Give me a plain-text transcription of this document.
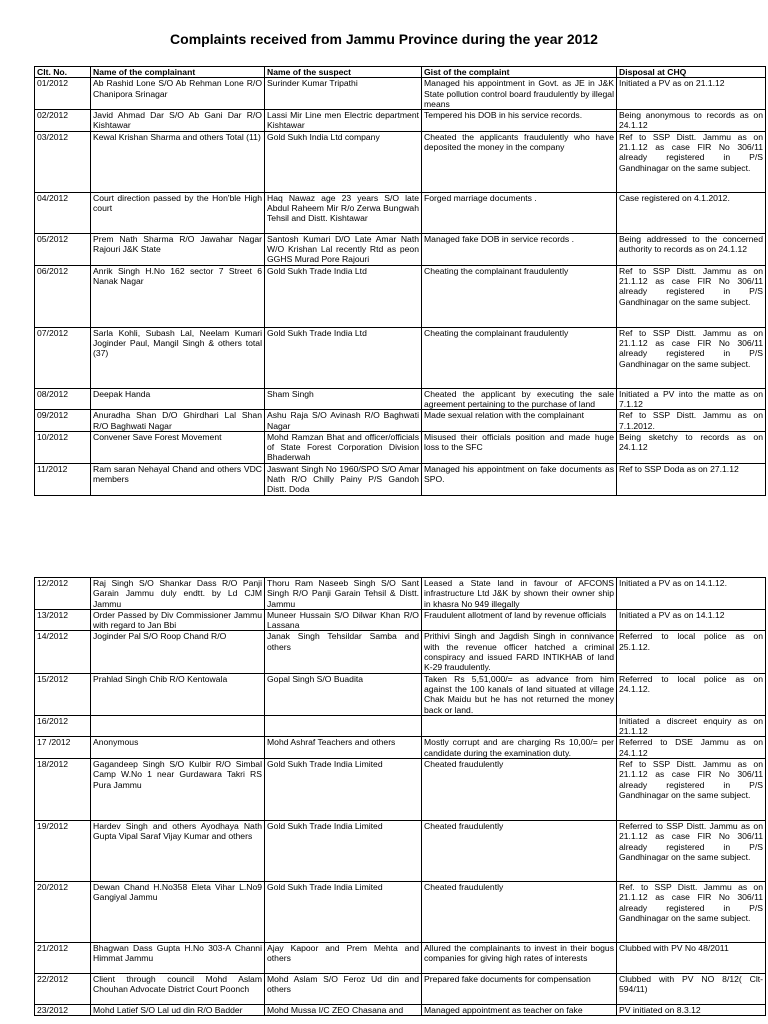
Complaints received from Jammu Province during the year 2012
Clt. No.	Name of the complainant	Name of the suspect	Gist of the complaint	Disposal at CHQ
01/2012	Ab Rashid Lone S/O Ab Rehman Lone R/O Chanipora Srinagar	Surinder Kumar Tripathi	Managed his appointment in Govt. as JE in J&K State pollution control board fraudulently by illegal means	Initiated a PV as on 21.1.12
02/2012	Javid Ahmad Dar S/O Ab Gani Dar R/O Kishtawar	Lassi Mir Line men Electric department Kishtawar	Tempered his DOB in his service records.	Being anonymous to records as on 24.1.12
03/2012	Kewal Krishan Sharma and others Total (11)	Gold Sukh India Ltd company	Cheated the applicants fraudulently who have deposited the money in the company	Ref to SSP Distt. Jammu as on 21.1.12 as case FIR No 306/11 already registered in P/S Gandhinagar on the same subject.
04/2012	Court direction passed by the Hon'ble High court	Haq Nawaz age 23 years S/O late Abdul Raheem Mir R/o Zerwa Bungwah Tehsil and Distt. Kishtawar	Forged marriage documents .	Case registered on 4.1.2012.
05/2012	Prem Nath Sharma R/O Jawahar Nagar Rajouri J&K State	Santosh Kumari D/O Late Amar Nath W/O Krishan Lal recently Rtd as peon GGHS Murad Pore Rajouri	Managed fake DOB in service records .	Being addressed to the concerned authority to records as on 24.1.12
06/2012	Anrik Singh H.No 162 sector 7 Street 6 Nanak Nagar	Gold Sukh Trade India Ltd	Cheating the complainant fraudulently	Ref to SSP Distt. Jammu as on 21.1.12 as case FIR No 306/11 already registered in P/S Gandhinagar on the same subject.
07/2012	Sarla Kohli, Subash Lal, Neelam Kumari Joginder Paul, Mangil Singh & others total (37)	Gold Sukh Trade India Ltd	Cheating the complainant fraudulently	Ref to SSP Distt. Jammu as on 21.1.12 as case FIR No 306/11 already registered in P/S Gandhinagar on the same subject.
08/2012	Deepak Handa	Sham Singh	Cheated the applicant by executing the sale agreement pertaining to the purchase of land	Initiated a PV into the matte as on 7.1.12
09/2012	Anuradha Shan D/O Ghirdhari Lal Shan R/O Baghwati Nagar	Ashu Raja S/O Avinash R/O Baghwati Nagar	Made sexual relation with the complainant	Ref to SSP Distt. Jammu as on 7.1.2012.
10/2012	Convener Save Forest Movement	Mohd Ramzan Bhat and officer/officials of State Forest Corporation Division Bhaderwah	Misused their officials position and made huge loss to the SFC	Being sketchy to records as on 24.1.12
11/2012	Ram saran Nehayal Chand and others VDC members	Jaswant Singh No 1960/SPO S/O Amar Nath R/O Chilly Painy P/S Gandoh Distt. Doda	Managed his appointment on fake documents as SPO.	Ref to SSP Doda as on 27.1.12
12/2012	Raj Singh S/O Shankar Dass R/O Panji Garain Jammu duly endtt. by Ld CJM Jammu	Thoru Ram Naseeb Singh S/O Sant Singh R/O Panji Garain Tehsil & Distt. Jammu	Leased a State land in favour of AFCONS infrastructure Ltd J&K by shown their owner ship in khasra No 949 illegally	Initiated a PV as on 14.1.12.
13/2012	Order Passed by Div Commissioner Jammu with regard to Jan Bbi	Muneer Hussain S/O Dilwar Khan R/O Lassana	Fraudulent allotment of land by revenue officials	Initiated a PV as on 14.1.12
14/2012	Joginder Pal S/O Roop Chand R/O	Janak Singh Tehsildar Samba and others	Prithivi Singh and Jagdish Singh in connivance with the revenue officer hatched a criminal conspiracy and issued FARD INTIKHAB of land K-29 fraudulently.	Referred to local police as on 25.1.12.
15/2012	Prahlad Singh Chib R/O Kentowala	Gopal Singh S/O Buadita	Taken Rs 5,51,000/= as advance from him against the 100 kanals of land situated at village Chak Maidu but he has not returned the money back or land.	Referred to local police as on 24.1.12.
16/2012				Initiated a discreet enquiry as on 21.1.12
17 /2012	Anonymous	Mohd Ashraf Teachers and others	Mostly corrupt and are charging Rs 10,00/= per candidate during the examination duty.	Referred to DSE Jammu as on 24.1.12
18/2012	Gagandeep Singh S/O Kulbir R/O Simbal Camp W.No 1 near Gurdawara Takri RS Pura Jammu	Gold Sukh Trade India Limited	Cheated fraudulently	Ref to SSP Distt. Jammu as on 21.1.12 as case FIR No 306/11 already registered in P/S Gandhinagar on the same subject.
19/2012	Hardev Singh and others Ayodhaya Nath Gupta Vipal Saraf Vijay Kumar and others	Gold Sukh Trade India Limited	Cheated fraudulently	Referred to SSP Distt. Jammu as on 21.1.12 as case FIR No 306/11 already registered in P/S Gandhinagar on the same subject.
20/2012	Dewan Chand H.No358 Eleta Vihar L.No9 Gangiyal Jammu	Gold Sukh Trade India Limited	Cheated fraudulently	Ref. to SSP Distt. Jammu as on 21.1.12 as case FIR No 306/11 already registered in P/S Gandhinagar on the same subject.
21/2012	Bhagwan Dass Gupta H.No 303-A Channi Himmat Jammu	Ajay Kapoor and Prem Mehta and others	Allured the complainants to invest in their bogus companies for giving high rates of interests	Clubbed with PV No 48/2011
22/2012	Client through council Mohd Aslam Chouhan Advocate District Court Poonch	Mohd Aslam S/O Feroz Ud din and others	Prepared fake documents for compensation	Clubbed with PV NO 8/12( Clt-594/11)
23/2012	Mohd Latief S/O Lal ud din R/O Badder	Mohd Mussa I/C ZEO Chasana and	Managed appointment as teacher on fake	PV initiated on 8.3.12
